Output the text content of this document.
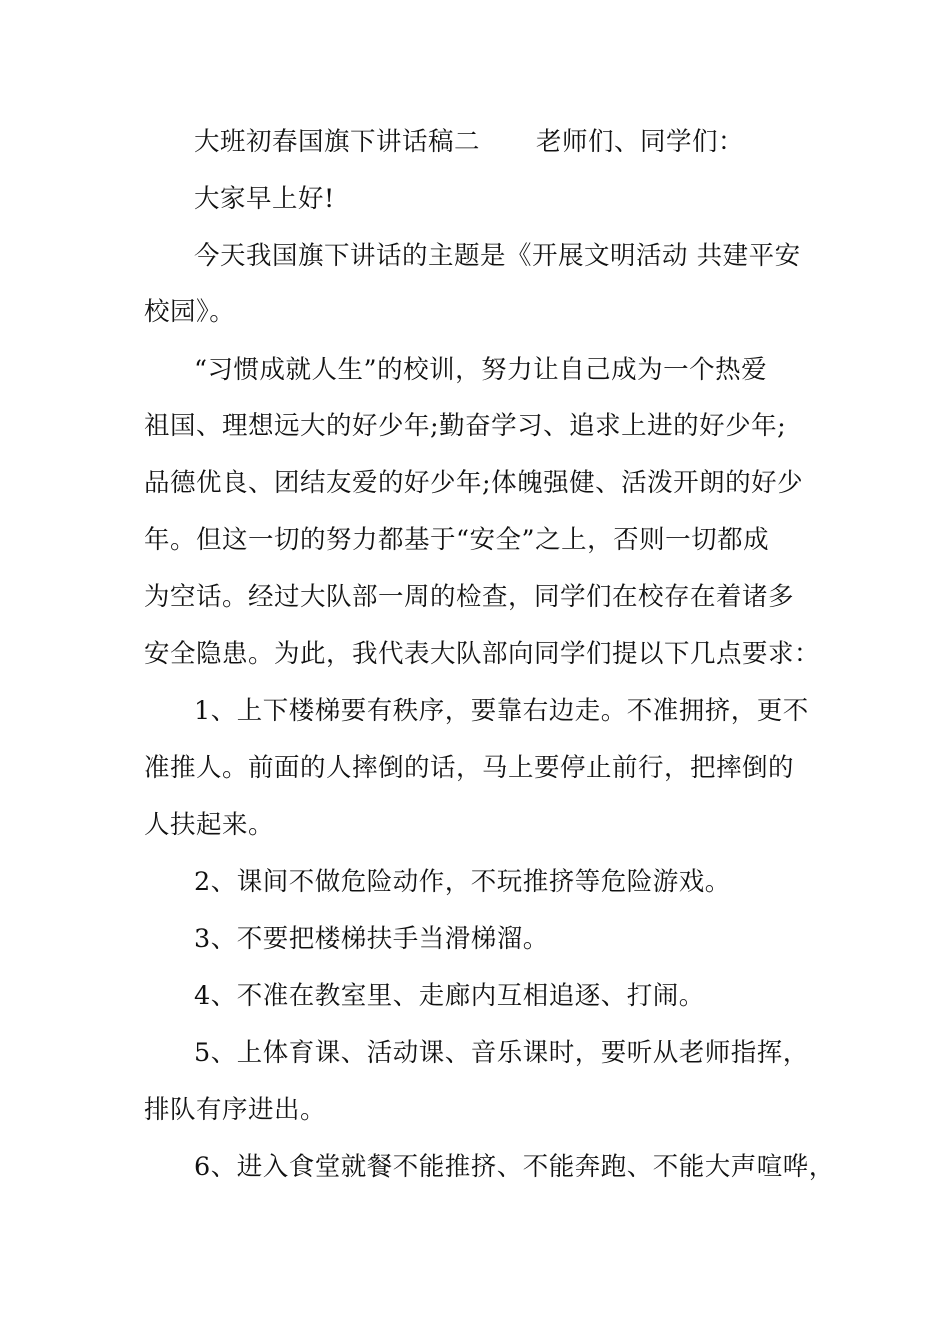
大班初春国旗下讲话稿二 老师们、同学们：
大家早上好!
今天我国旗下讲话的主题是《开展文明活动 共建平安
校园》。
“习惯成就人生”的校训，努力让自己成为一个热爱
祖国、理想远大的好少年;勤奋学习、追求上进的好少年;
品德优良、团结友爱的好少年;体魄强健、活泼开朗的好少
年。但这一切的努力都基于“安全”之上，否则一切都成
为空话。经过大队部一周的检查，同学们在校存在着诸多
安全隐患。为此，我代表大队部向同学们提以下几点要求：
1、上下楼梯要有秩序，要靠右边走。不准拥挤，更不
准推人。前面的人摔倒的话，马上要停止前行，把摔倒的
人扶起来。
2、课间不做危险动作，不玩推挤等危险游戏。
3、不要把楼梯扶手当滑梯溜。
4、不准在教室里、走廊内互相追逐、打闹。
5、上体育课、活动课、音乐课时，要听从老师指挥，
排队有序进出。
6、进入食堂就餐不能推挤、不能奔跑、不能大声喧哗，
